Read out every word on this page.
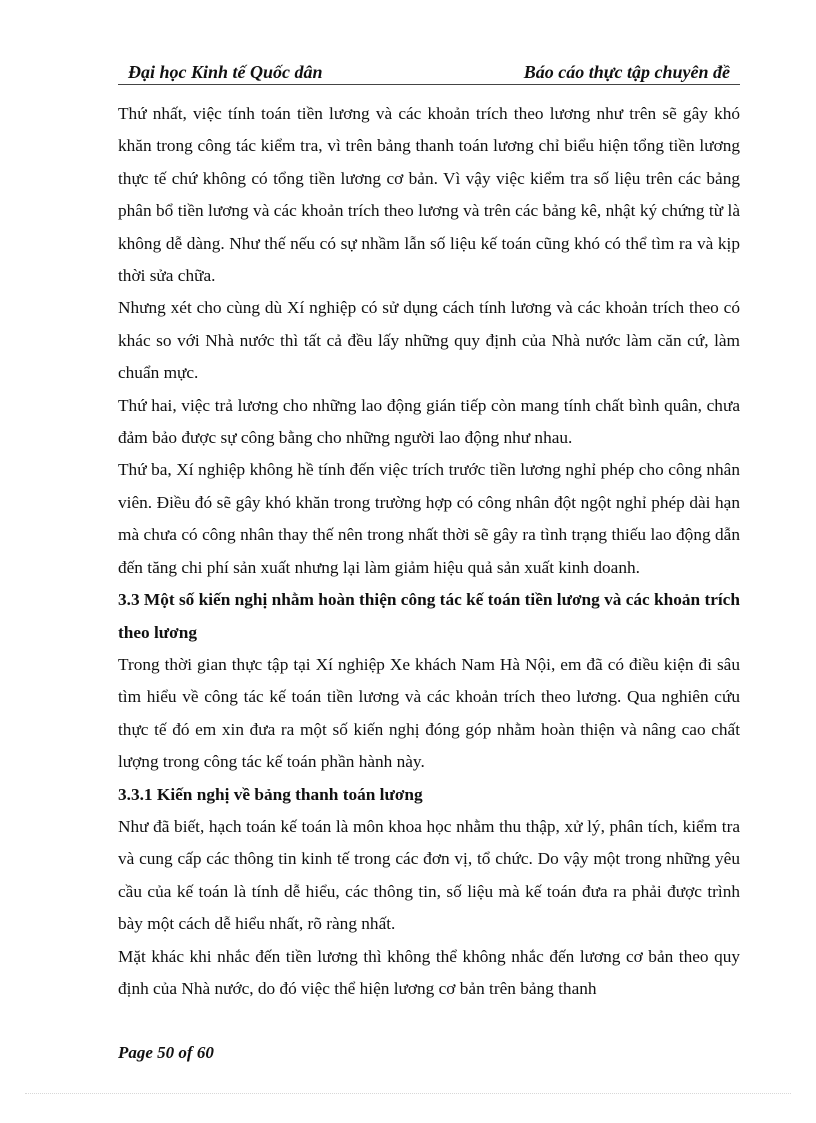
Đại học Kinh tế Quốc dân	Báo cáo thực tập chuyên đề

Thứ nhất, việc tính toán tiền lương và các khoản trích theo lương như trên sẽ gây khó khăn trong công tác kiểm tra, vì trên bảng thanh toán lương chỉ biểu hiện tổng tiền lương thực tế chứ không có tổng tiền lương cơ bản. Vì vậy việc kiểm tra số liệu trên các bảng phân bổ tiền lương và các khoản trích theo lương và trên các bảng kê, nhật ký chứng từ là không dễ dàng. Như thế nếu có sự nhầm lẫn số liệu kế toán cũng khó có thể tìm ra và kịp thời sửa chữa.

Nhưng xét cho cùng dù Xí nghiệp có sử dụng cách tính lương và các khoản trích theo có khác so với Nhà nước thì tất cả đều lấy những quy định của Nhà nước làm căn cứ, làm chuẩn mực.

Thứ hai, việc trả lương cho những lao động gián tiếp còn mang tính chất bình quân, chưa đảm bảo được sự công bằng cho những người lao động như nhau.

Thứ ba, Xí nghiệp không hề tính đến việc trích trước tiền lương nghỉ phép cho công nhân viên. Điều đó sẽ gây khó khăn trong trường hợp có công nhân đột ngột nghỉ phép dài hạn mà chưa có công nhân thay thế nên trong nhất thời sẽ gây ra tình trạng thiếu lao động dẫn đến tăng chi phí sản xuất nhưng lại làm giảm hiệu quả sản xuất kinh doanh.

3.3 Một số kiến nghị nhằm hoàn thiện công tác kế toán tiền lương và các khoản trích theo lương

Trong thời gian thực tập tại Xí nghiệp Xe khách Nam Hà Nội, em đã có điều kiện đi sâu tìm hiểu về công tác kế toán tiền lương và các khoản trích theo lương. Qua nghiên cứu thực tế đó em xin đưa ra một số kiến nghị đóng góp nhằm hoàn thiện và nâng cao chất lượng trong công tác kế toán phần hành này.

3.3.1 Kiến nghị về bảng thanh toán lương

Như đã biết, hạch toán kế toán là môn khoa học nhằm thu thập, xử lý, phân tích, kiểm tra và cung cấp các thông tin kinh tế trong các đơn vị, tổ chức. Do vậy một trong những yêu cầu của kế toán là tính dễ hiểu, các thông tin, số liệu mà kế toán đưa ra phải được trình bày một cách dễ hiểu nhất, rõ ràng nhất.

Mặt khác khi nhắc đến tiền lương thì không thể không nhắc đến lương cơ bản theo quy định của Nhà nước, do đó việc thể hiện lương cơ bản trên bảng thanh

Page 50 of 60
